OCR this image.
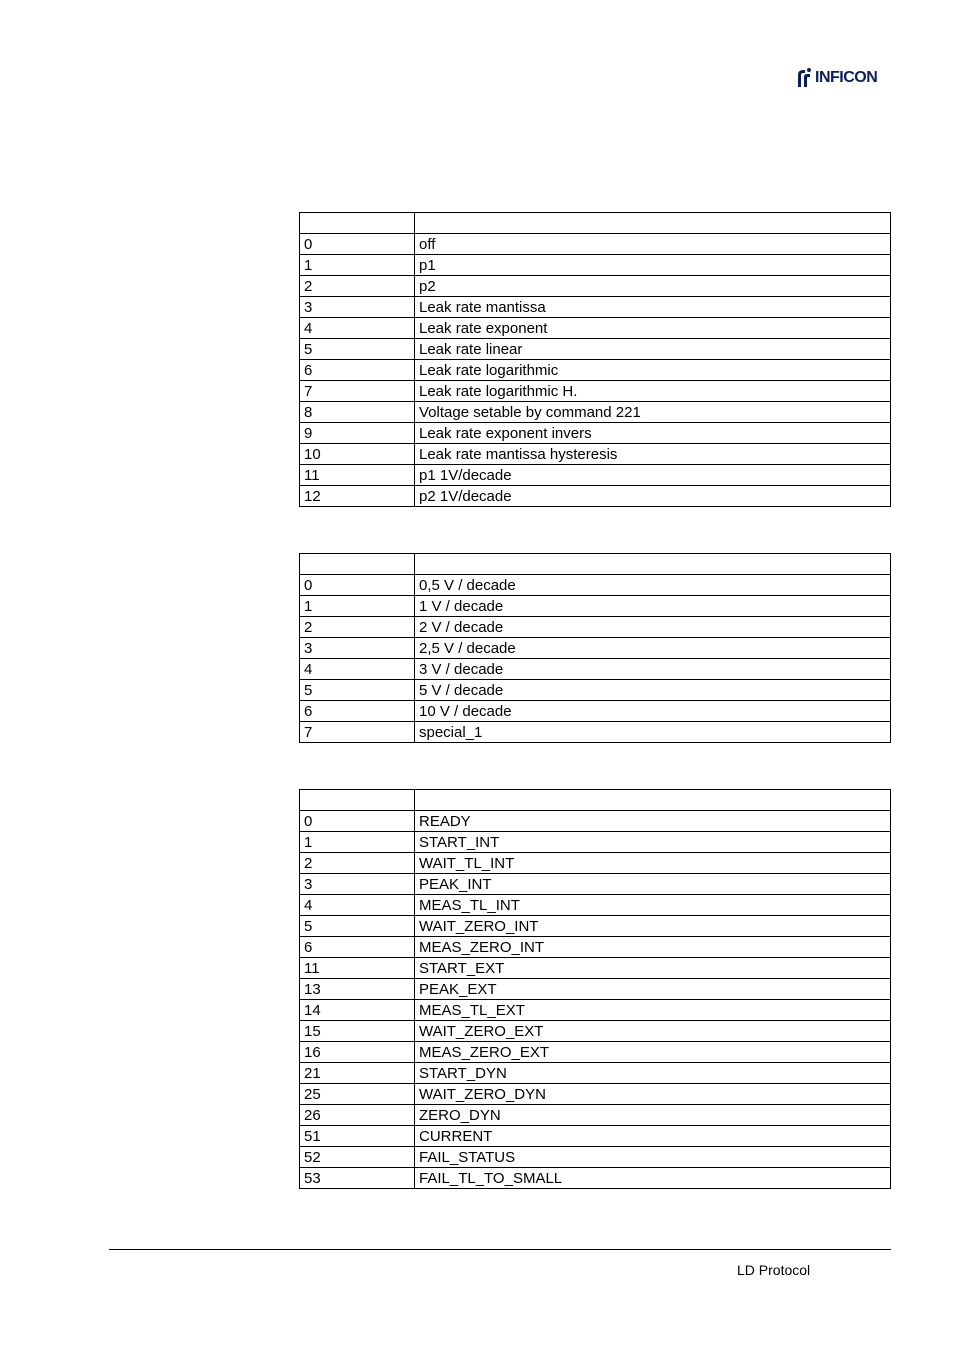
INFICON

0	off
1	p1
2	p2
3	Leak rate mantissa
4	Leak rate exponent
5	Leak rate linear
6	Leak rate logarithmic
7	Leak rate logarithmic H.
8	Voltage setable by command 221
9	Leak rate exponent invers
10	Leak rate mantissa hysteresis
11	p1 1V/decade
12	p2 1V/decade

0	0,5 V / decade
1	1 V / decade
2	2 V / decade
3	2,5 V / decade
4	3 V / decade
5	5 V / decade
6	10 V / decade
7	special_1

0	READY
1	START_INT
2	WAIT_TL_INT
3	PEAK_INT
4	MEAS_TL_INT
5	WAIT_ZERO_INT
6	MEAS_ZERO_INT
11	START_EXT
13	PEAK_EXT
14	MEAS_TL_EXT
15	WAIT_ZERO_EXT
16	MEAS_ZERO_EXT
21	START_DYN
25	WAIT_ZERO_DYN
26	ZERO_DYN
51	CURRENT
52	FAIL_STATUS
53	FAIL_TL_TO_SMALL
LD Protocol
